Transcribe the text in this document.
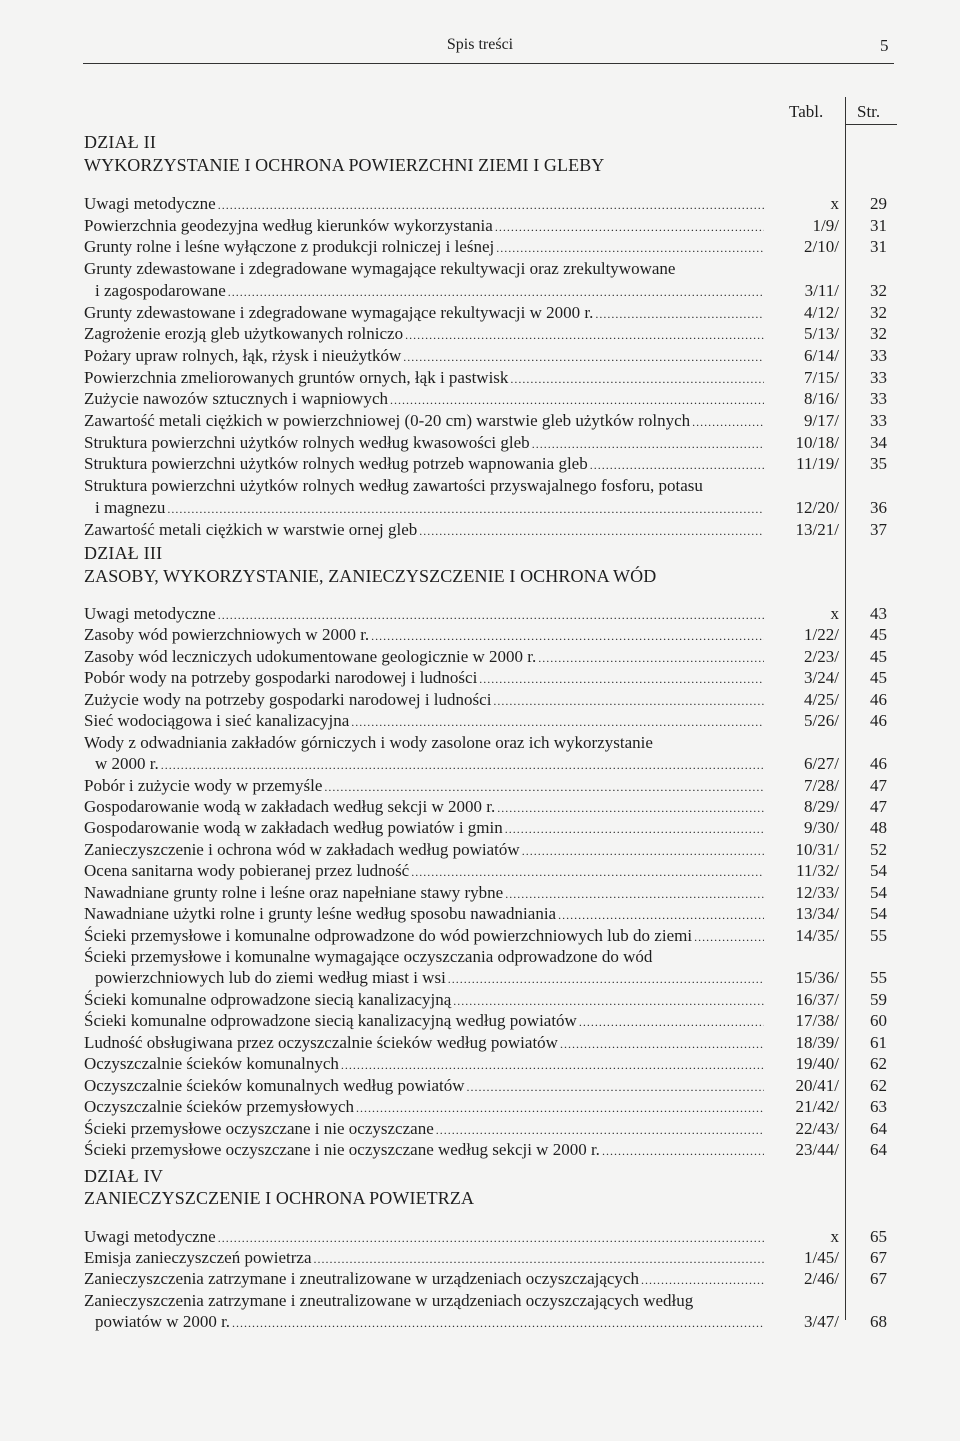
Spis treści	5
Tabl. Str.
DZIAŁ II
WYKORZYSTANIE I OCHRONA POWIERZCHNI ZIEMI I GLEBY
Uwagi metodyczne .....	x 29
Powierzchnia geodezyjna według kierunków wykorzystania .....	1/9/ 31
Grunty rolne i leśne wyłączone z produkcji rolniczej i leśnej .....	2/10/ 31
Grunty zdewastowane i zdegradowane wymagające rekultywacji oraz zrekultywowane
i zagospodarowane .....	3/11/ 32
Grunty zdewastowane i zdegradowane wymagające rekultywacji w 2000 r. .....	4/12/ 32
Zagrożenie erozją gleb użytkowanych rolniczo .....	5/13/ 32
Pożary upraw rolnych, łąk, rżysk i nieużytków .....	6/14/ 33
Powierzchnia zmeliorowanych gruntów ornych, łąk i pastwisk .....	7/15/ 33
Zużycie nawozów sztucznych i wapniowych .....	8/16/ 33
Zawartość metali ciężkich w powierzchniowej (0-20 cm) warstwie gleb użytków rolnych .....	9/17/ 33
Struktura powierzchni użytków rolnych według kwasowości gleb .....	10/18/ 34
Struktura powierzchni użytków rolnych według potrzeb wapnowania gleb .....	11/19/ 35
Struktura powierzchni użytków rolnych według zawartości przyswajalnego fosforu, potasu
i magnezu .....	12/20/ 36
Zawartość metali ciężkich w warstwie ornej gleb .....	13/21/ 37
DZIAŁ III
ZASOBY, WYKORZYSTANIE, ZANIECZYSZCZENIE I OCHRONA WÓD
Uwagi metodyczne .....	x 43
Zasoby wód powierzchniowych w 2000 r. .....	1/22/ 45
Zasoby wód leczniczych udokumentowane geologicznie w 2000 r. .....	2/23/ 45
Pobór wody na potrzeby gospodarki narodowej i ludności .....	3/24/ 45
Zużycie wody na potrzeby gospodarki narodowej i ludności .....	4/25/ 46
Sieć wodociągowa i sieć kanalizacyjna .....	5/26/ 46
Wody z odwadniania zakładów górniczych i wody zasolone oraz ich wykorzystanie
w 2000 r. .....	6/27/ 46
Pobór i zużycie wody w przemyśle .....	7/28/ 47
Gospodarowanie wodą w zakładach według sekcji w 2000 r. .....	8/29/ 47
Gospodarowanie wodą w zakładach według powiatów i gmin .....	9/30/ 48
Zanieczyszczenie i ochrona wód w zakładach według powiatów .....	10/31/ 52
Ocena sanitarna wody pobieranej przez ludność .....	11/32/ 54
Nawadniane grunty rolne i leśne oraz napełniane stawy rybne .....	12/33/ 54
Nawadniane użytki rolne i grunty leśne według sposobu nawadniania .....	13/34/ 54
Ścieki przemysłowe i komunalne odprowadzone do wód powierzchniowych lub do ziemi .....	14/35/ 55
Ścieki przemysłowe i komunalne wymagające oczyszczania odprowadzone do wód
powierzchniowych lub do ziemi według miast i wsi .....	15/36/ 55
Ścieki komunalne odprowadzone siecią kanalizacyjną .....	16/37/ 59
Ścieki komunalne odprowadzone siecią kanalizacyjną według powiatów .....	17/38/ 60
Ludność obsługiwana przez oczyszczalnie ścieków według powiatów .....	18/39/ 61
Oczyszczalnie ścieków komunalnych .....	19/40/ 62
Oczyszczalnie ścieków komunalnych według powiatów .....	20/41/ 62
Oczyszczalnie ścieków przemysłowych .....	21/42/ 63
Ścieki przemysłowe oczyszczane i nie oczyszczane .....	22/43/ 64
Ścieki przemysłowe oczyszczane i nie oczyszczane według sekcji w 2000 r. .....	23/44/ 64
DZIAŁ IV
ZANIECZYSZCZENIE I OCHRONA POWIETRZA
Uwagi metodyczne .....	x 65
Emisja zanieczyszczeń powietrza .....	1/45/ 67
Zanieczyszczenia zatrzymane i zneutralizowane w urządzeniach oczyszczających .....	2/46/ 67
Zanieczyszczenia zatrzymane i zneutralizowane w urządzeniach oczyszczających według
powiatów w 2000 r. .....	3/47/ 68
